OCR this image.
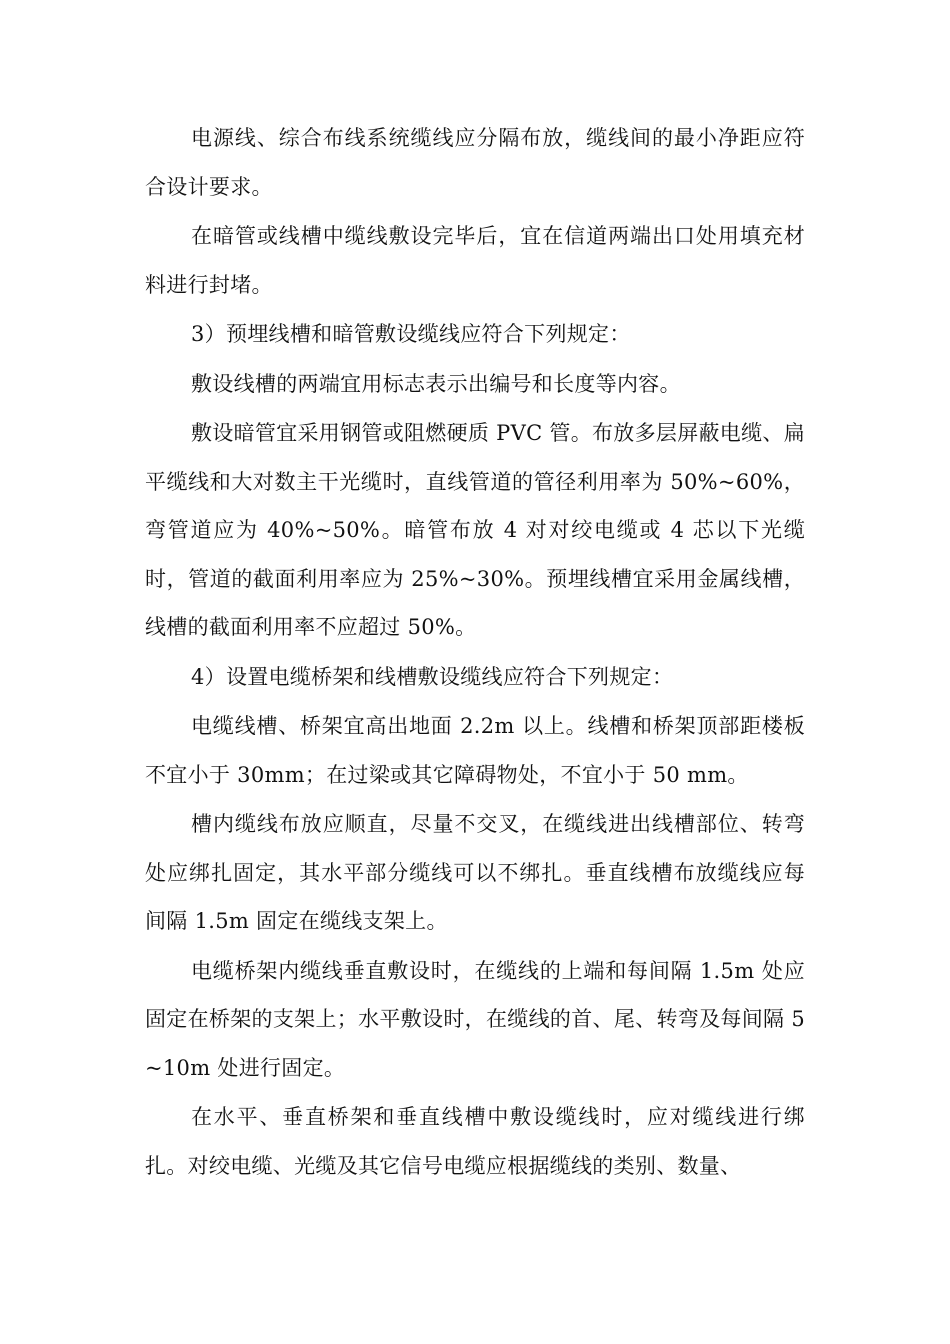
电源线、综合布线系统缆线应分隔布放，缆线间的最小净距应符合设计要求。

在暗管或线槽中缆线敷设完毕后，宜在信道两端出口处用填充材料进行封堵。

3）预埋线槽和暗管敷设缆线应符合下列规定：

敷设线槽的两端宜用标志表示出编号和长度等内容。

敷设暗管宜采用钢管或阻燃硬质 PVC 管。布放多层屏蔽电缆、扁平缆线和大对数主干光缆时，直线管道的管径利用率为 50%~60%，弯管道应为 40%~50%。暗管布放 4 对对绞电缆或 4 芯以下光缆时，管道的截面利用率应为 25%~30%。预埋线槽宜采用金属线槽，线槽的截面利用率不应超过 50%。

4）设置电缆桥架和线槽敷设缆线应符合下列规定：

电缆线槽、桥架宜高出地面 2.2m 以上。线槽和桥架顶部距楼板不宜小于 30mm；在过梁或其它障碍物处，不宜小于 50 mm。

槽内缆线布放应顺直，尽量不交叉，在缆线进出线槽部位、转弯处应绑扎固定，其水平部分缆线可以不绑扎。垂直线槽布放缆线应每间隔 1.5m 固定在缆线支架上。

电缆桥架内缆线垂直敷设时，在缆线的上端和每间隔 1.5m 处应固定在桥架的支架上；水平敷设时，在缆线的首、尾、转弯及每间隔 5~10m 处进行固定。

在水平、垂直桥架和垂直线槽中敷设缆线时，应对缆线进行绑扎。对绞电缆、光缆及其它信号电缆应根据缆线的类别、数量、
